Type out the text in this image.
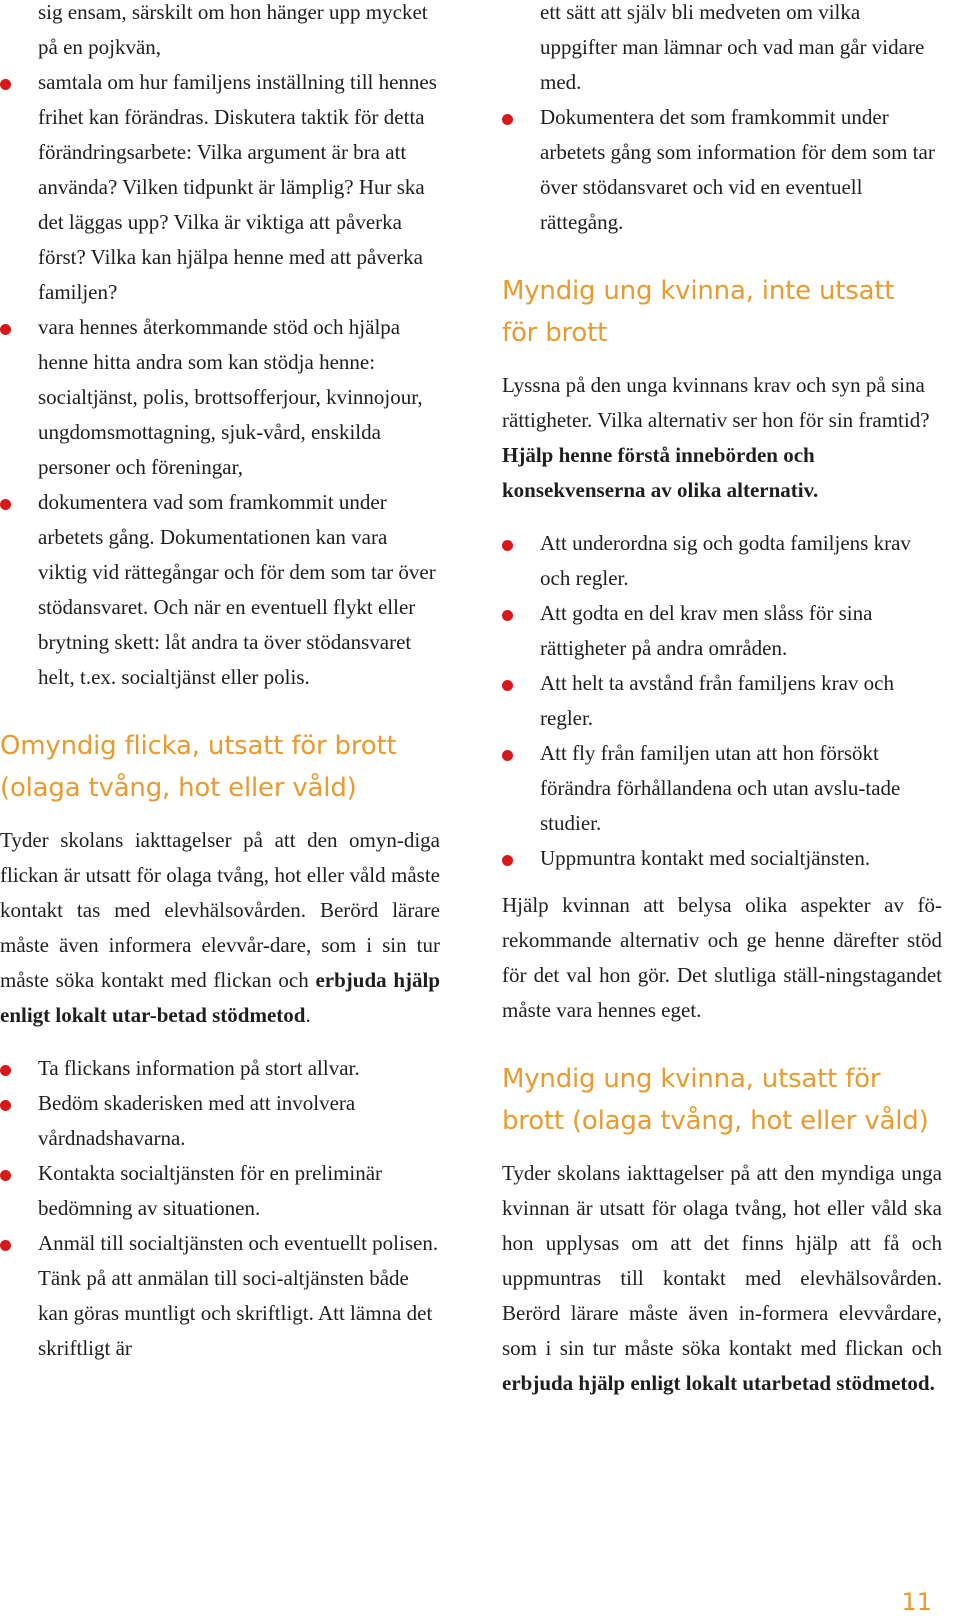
sig ensam, särskilt om hon hänger upp mycket på en pojkvän,
samtala om hur familjens inställning till hennes frihet kan förändras. Diskutera taktik för detta förändringsarbete: Vilka argument är bra att använda? Vilken tidpunkt är lämplig? Hur ska det läggas upp? Vilka är viktiga att påverka först? Vilka kan hjälpa henne med att påverka familjen?
vara hennes återkommande stöd och hjälpa henne hitta andra som kan stödja henne: socialtjänst, polis, brottsofferjour, kvinnojour, ungdomsmottagning, sjuk-vård, enskilda personer och föreningar,
dokumentera vad som framkommit under arbetets gång. Dokumentationen kan vara viktig vid rättegångar och för dem som tar över stödansvaret. Och när en eventuell flykt eller brytning skett: låt andra ta över stödansvaret helt, t.ex. socialtjänst eller polis.
Omyndig flicka, utsatt för brott (olaga tvång, hot eller våld)

Tyder skolans iakttagelser på att den omyn-diga flickan är utsatt för olaga tvång, hot eller våld måste kontakt tas med elevhälsovården. Berörd lärare måste även informera elevvår-dare, som i sin tur måste söka kontakt med flickan och erbjuda hjälp enligt lokalt utar-betad stödmetod.

Ta flickans information på stort allvar.
Bedöm skaderisken med att involvera vårdnadshavarna.
Kontakta socialtjänsten för en preliminär bedömning av situationen.
Anmäl till socialtjänsten och eventuellt polisen. Tänk på att anmälan till soci-altjänsten både kan göras muntligt och skriftligt. Att lämna det skriftligt är
ett sätt att själv bli medveten om vilka uppgifter man lämnar och vad man går vidare med.
Dokumentera det som framkommit under arbetets gång som information för dem som tar över stödansvaret och vid en eventuell rättegång.
Myndig ung kvinna, inte utsatt för brott

Lyssna på den unga kvinnans krav och syn på sina rättigheter. Vilka alternativ ser hon för sin framtid? Hjälp henne förstå innebörden och konsekvenserna av olika alternativ.

Att underordna sig och godta familjens krav och regler.
Att godta en del krav men slåss för sina rättigheter på andra områden.
Att helt ta avstånd från familjens krav och regler.
Att fly från familjen utan att hon försökt förändra förhållandena och utan avslu-tade studier.
Uppmuntra kontakt med socialtjänsten.

Hjälp kvinnan att belysa olika aspekter av fö-rekommande alternativ och ge henne därefter stöd för det val hon gör. Det slutliga ställ-ningstagandet måste vara hennes eget.

Myndig ung kvinna, utsatt för brott (olaga tvång, hot eller våld)

Tyder skolans iakttagelser på att den myndiga unga kvinnan är utsatt för olaga tvång, hot eller våld ska hon upplysas om att det finns hjälp att få och uppmuntras till kontakt med elevhälsovården. Berörd lärare måste även in-formera elevvårdare, som i sin tur måste söka kontakt med flickan och erbjuda hjälp enligt lokalt utarbetad stödmetod.

11
